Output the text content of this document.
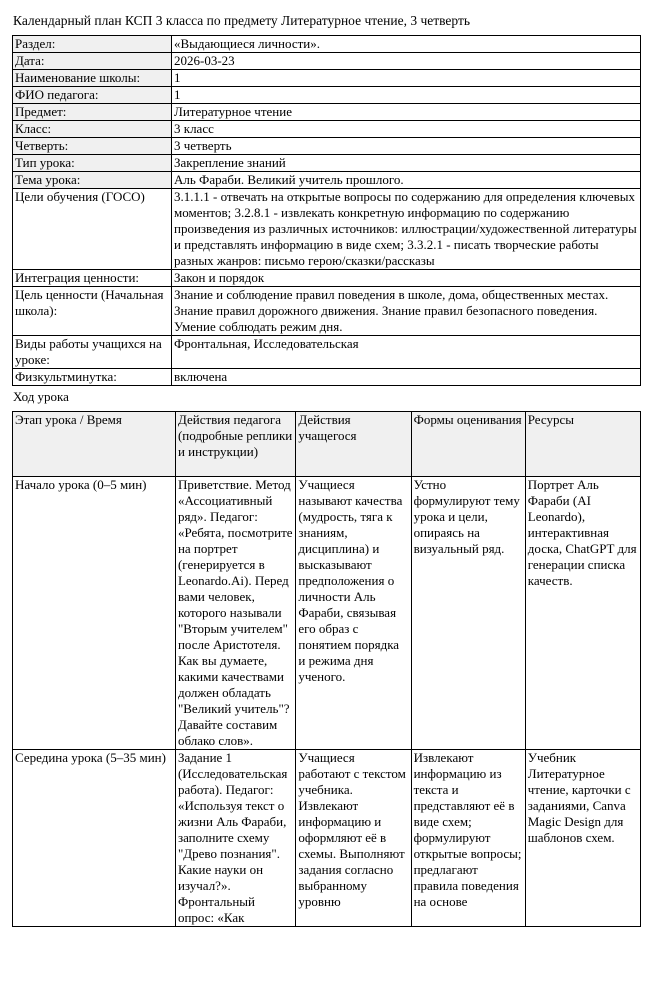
Календарный план КСП 3 класса по предмету Литературное чтение, 3 четверть
Раздел:	«Выдающиеся личности».
Дата:	2026-03-23
Наименование школы:	1
ФИО педагога:	1
Предмет:	Литературное чтение
Класс:	3 класс
Четверть:	3 четверть
Тип урока:	Закрепление знаний
Тема урока:	Аль Фараби. Великий учитель прошлого.
Цели обучения (ГОСО)	3.1.1.1 - отвечать на открытые вопросы по содержанию для определения ключевых моментов; 3.2.8.1 - извлекать конкретную информацию по содержанию произведения из различных источников: иллюстрации/художественной литературы и представлять информацию в виде схем; 3.3.2.1 - писать творческие работы разных жанров: письмо герою/сказки/рассказы
Интеграция ценности:	Закон и порядок
Цель ценности (Начальная школа):	Знание и соблюдение правил поведения в школе, дома, общественных местах. Знание правил дорожного движения. Знание правил безопасного поведения. Умение соблюдать режим дня.
Виды работы учащихся на уроке:	Фронтальная, Исследовательская
Физкультминутка:	включена
Ход урока
Этап урока / Время	Действия педагога (подробные реплики и инструкции)	Действия учащегося	Формы оценивания	Ресурсы
Начало урока (0–5 мин)	Приветствие. Метод «Ассоциативный ряд». Педагог: «Ребята, посмотрите на портрет (генерируется в Leonardo.Ai). Перед вами человек, которого называли "Вторым учителем" после Аристотеля. Как вы думаете, какими качествами должен обладать "Великий учитель"? Давайте составим облако слов».	Учащиеся называют качества (мудрость, тяга к знаниям, дисциплина) и высказывают предположения о личности Аль Фараби, связывая его образ с понятием порядка и режима дня ученого.	Устно формулируют тему урока и цели, опираясь на визуальный ряд.	Портрет Аль Фараби (AI Leonardo), интерактивная доска, ChatGPT для генерации списка качеств.
Середина урока (5–35 мин)	Задание 1 (Исследовательская работа). Педагог: «Используя текст о жизни Аль Фараби, заполните схему "Древо познания". Какие науки он изучал?». Фронтальный опрос: «Как	Учащиеся работают с текстом учебника. Извлекают информацию и оформляют её в схемы. Выполняют задания согласно выбранному уровню	Извлекают информацию из текста и представляют её в виде схем; формулируют открытые вопросы; предлагают правила поведения на основе	Учебник Литературное чтение, карточки с заданиями, Canva Magic Design для шаблонов схем.
